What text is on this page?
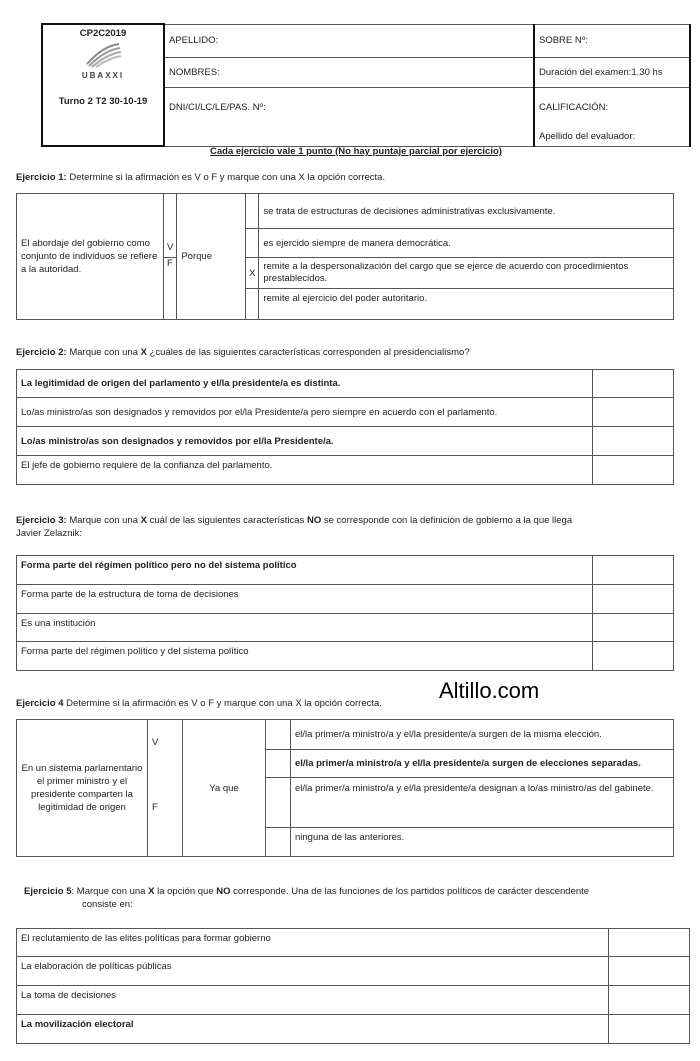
CP2C2019
UBAXXI
Turno 2 T2 30-10-19	APELLIDO:	SOBRE Nº:
	NOMBRES:	Duración del examen:1.30 hs
	DNI/CI/LC/LE/PAS. Nº:	CALIFICACIÓN:
Apellido del evaluador:
Cada ejercicio vale 1 punto (No hay puntaje parcial por ejercicio)
Ejercicio 1: Determine si la afirmación es V o F y marque con una X la opción correcta.
El abordaje del gobierno como conjunto de individuos se refiere a la autoridad.	V	Porque		se trata de estructuras de decisiones administrativas exclusivamente.
				es ejercido siempre de manera democrática.
	F		X	remite a la despersonalización del cargo que se ejerce de acuerdo con procedimientos prestablecidos.
				remite al ejercicio del poder autoritario.
Ejercicio 2: Marque con una X ¿cuáles de las siguientes características corresponden al presidencialismo?
La legitimidad de origen del parlamento y el/la presidente/a es distinta.	
Lo/as ministro/as son designados y removidos por el/la Presidente/a pero siempre en acuerdo con el parlamento.	
Lo/as ministro/as son designados y removidos por el/la Presidente/a.	
El jefe de gobierno requiere de la confianza del parlamento.	
Ejercicio 3: Marque con una X cuál de las siguientes características NO se corresponde con la definición de gobierno a la que llega
Javier Zelaznik:
Forma parte del régimen político pero no del sistema político	
Forma parte de la estructura de toma de decisiones	
Es una institución	
Forma parte del régimen político y del sistema político	
Ejercicio 4 Determine si la afirmación es V o F y marque con una X la opción correcta.
Altillo.com
En un sistema parlamentario el primer ministro y el presidente comparten la legitimidad de origen	V	Ya que		el/la primer/a ministro/a y el/la presidente/a surgen de la misma elección.
				el/la primer/a ministro/a y el/la presidente/a surgen de elecciones separadas.
	F			el/la primer/a ministro/a y el/la presidente/a designan a lo/as ministro/as del gabinete.
				ninguna de las anteriores.
Ejercicio 5: Marque con una X la opción que NO corresponde. Una de las funciones de los partidos políticos de carácter descendente
consiste en:
El reclutamiento de las elites políticas para formar gobierno	
La elaboración de políticas públicas	
La toma de decisiones	
La movilización electoral	
